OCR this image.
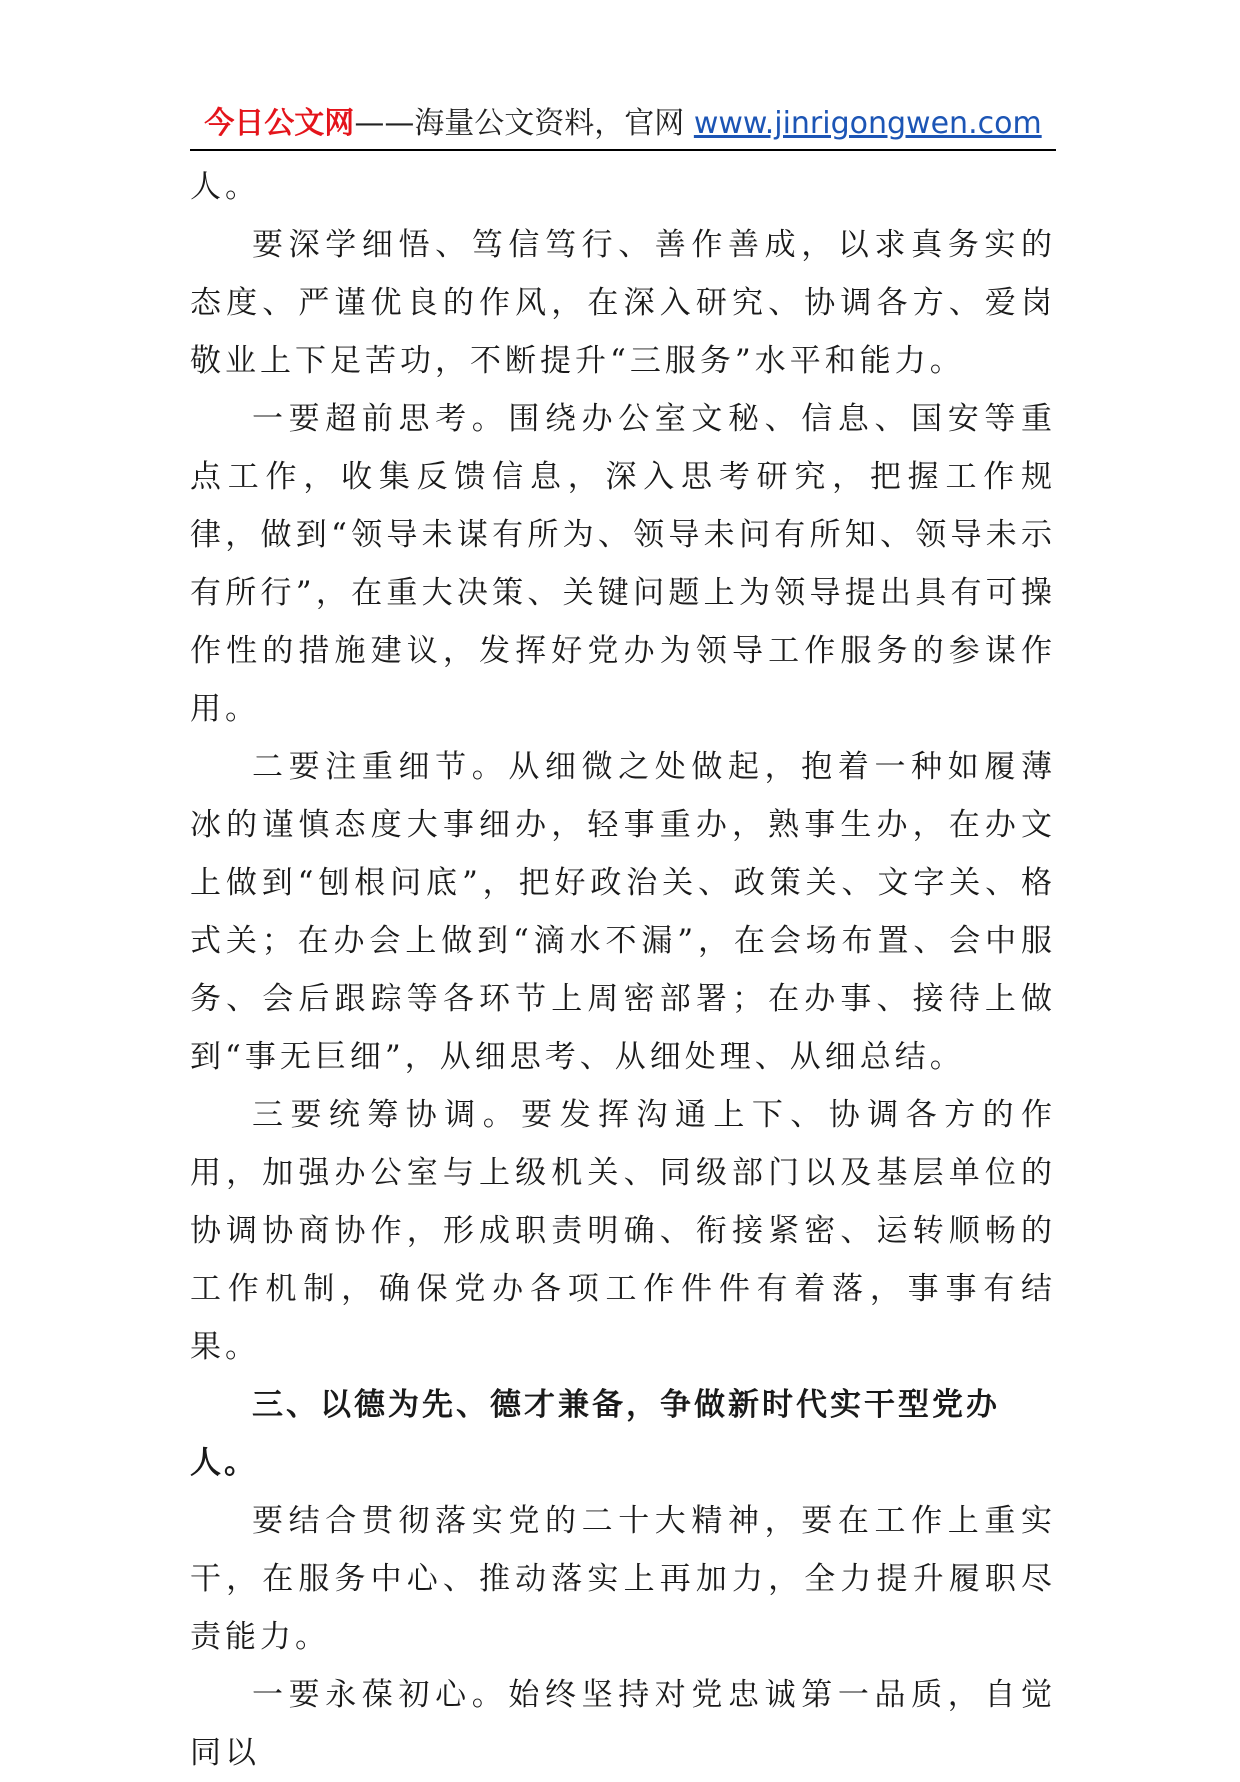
今日公文网——海量公文资料，官网 www.jinrigongwen.com

人。

要深学细悟、笃信笃行、善作善成，以求真务实的态度、严谨优良的作风，在深入研究、协调各方、爱岗敬业上下足苦功，不断提升“三服务”水平和能力。

一要超前思考。围绕办公室文秘、信息、国安等重点工作，收集反馈信息，深入思考研究，把握工作规律，做到“领导未谋有所为、领导未问有所知、领导未示有所行”，在重大决策、关键问题上为领导提出具有可操作性的措施建议，发挥好党办为领导工作服务的参谋作用。

二要注重细节。从细微之处做起，抱着一种如履薄冰的谨慎态度大事细办，轻事重办，熟事生办，在办文上做到“刨根问底”，把好政治关、政策关、文字关、格式关；在办会上做到“滴水不漏”，在会场布置、会中服务、会后跟踪等各环节上周密部署；在办事、接待上做到“事无巨细”，从细思考、从细处理、从细总结。

三要统筹协调。要发挥沟通上下、协调各方的作用，加强办公室与上级机关、同级部门以及基层单位的协调协商协作，形成职责明确、衔接紧密、运转顺畅的工作机制，确保党办各项工作件件有着落，事事有结果。

三、以德为先、德才兼备，争做新时代实干型党办

人。

要结合贯彻落实党的二十大精神，要在工作上重实干，在服务中心、推动落实上再加力，全力提升履职尽责能力。

一要永葆初心。始终坚持对党忠诚第一品质，自觉同以
